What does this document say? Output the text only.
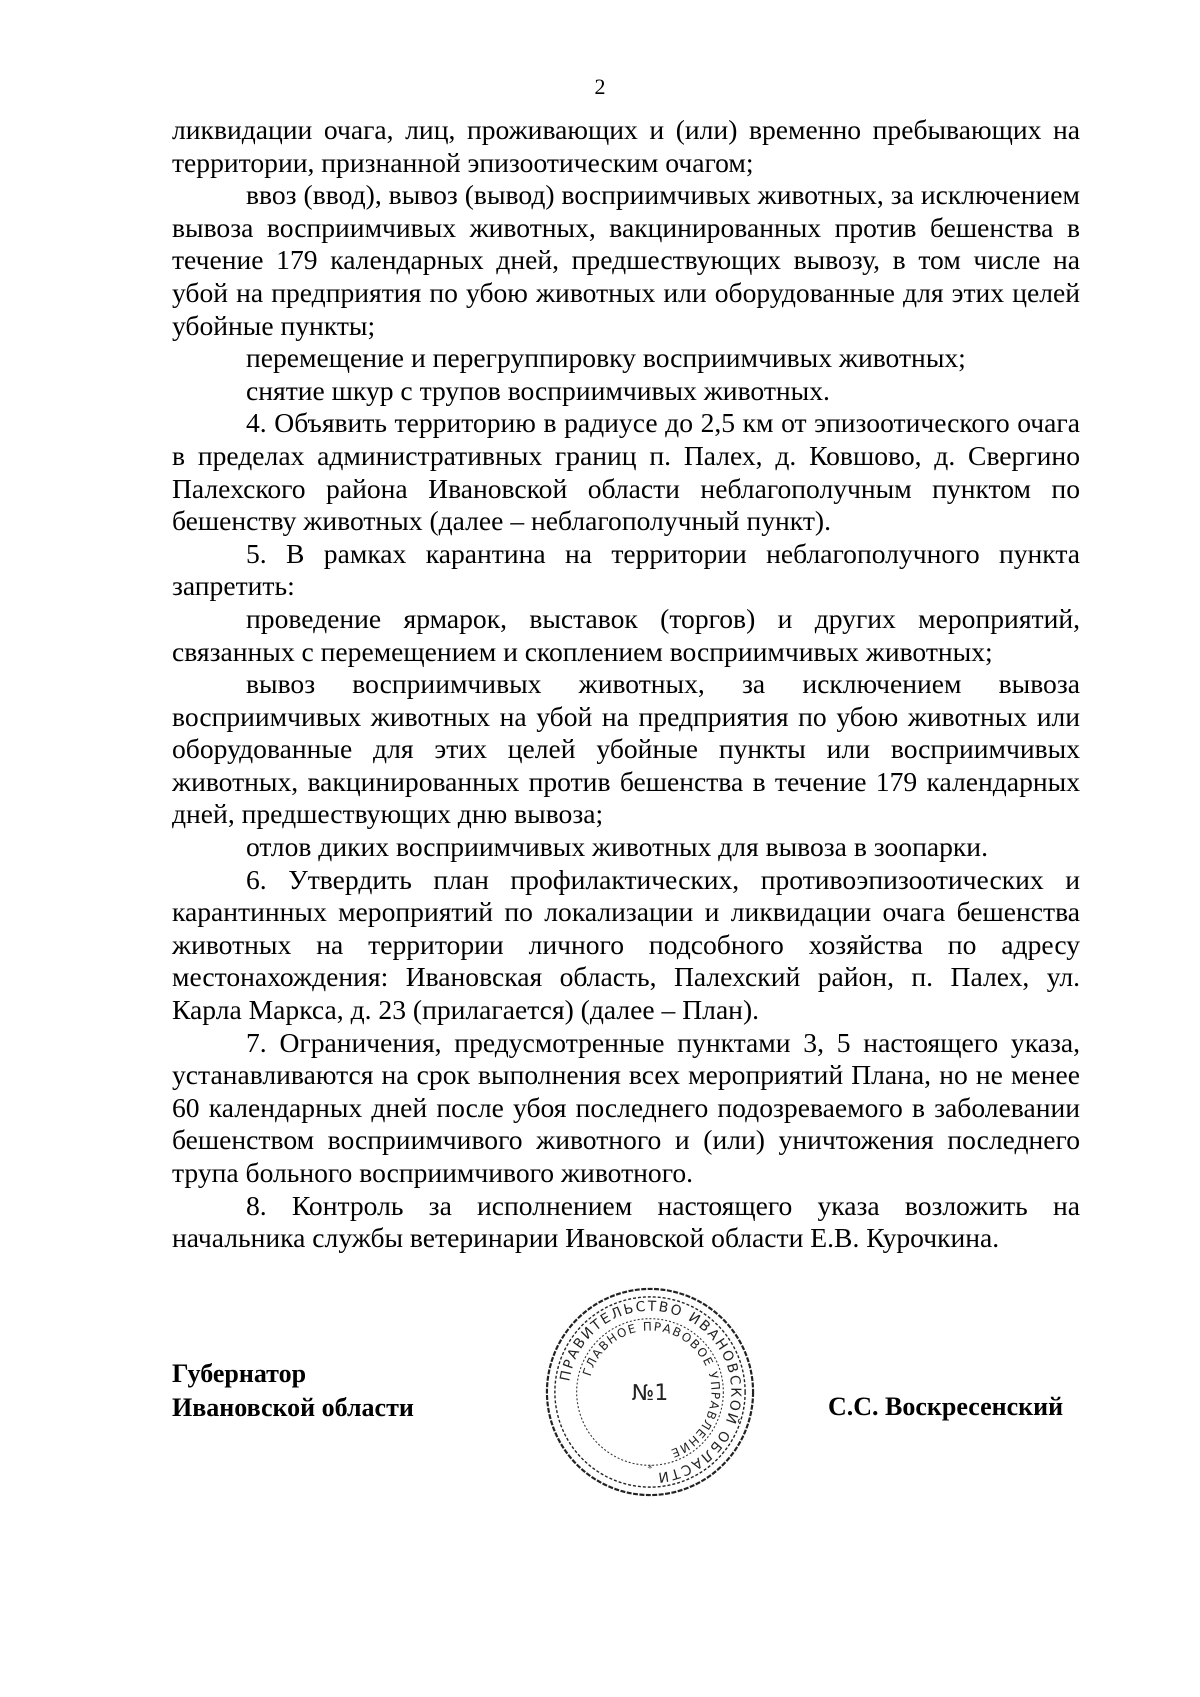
2

ликвидации очага, лиц, проживающих и (или) временно пребывающих на территории, признанной эпизоотическим очагом;

ввоз (ввод), вывоз (вывод) восприимчивых животных, за исключением вывоза восприимчивых животных, вакцинированных против бешенства в течение 179 календарных дней, предшествующих вывозу, в том числе на убой на предприятия по убою животных или оборудованные для этих целей убойные пункты;

перемещение и перегруппировку восприимчивых животных;

снятие шкур с трупов восприимчивых животных.

4. Объявить территорию в радиусе до 2,5 км от эпизоотического очага в пределах административных границ п. Палех, д. Ковшово, д. Свергино Палехского района Ивановской области неблагополучным пунктом по бешенству животных (далее – неблагополучный пункт).

5. В рамках карантина на территории неблагополучного пункта запретить:

проведение ярмарок, выставок (торгов) и других мероприятий, связанных с перемещением и скоплением восприимчивых животных;

вывоз восприимчивых животных, за исключением вывоза восприимчивых животных на убой на предприятия по убою животных или оборудованные для этих целей убойные пункты или восприимчивых животных, вакцинированных против бешенства в течение 179 календарных дней, предшествующих дню вывоза;

отлов диких восприимчивых животных для вывоза в зоопарки.

6. Утвердить план профилактических, противоэпизоотических и карантинных мероприятий по локализации и ликвидации очага бешенства животных на территории личного подсобного хозяйства по адресу местонахождения: Ивановская область, Палехский район, п. Палех, ул. Карла Маркса, д. 23 (прилагается) (далее – План).

7. Ограничения, предусмотренные пунктами 3, 5 настоящего указа, устанавливаются на срок выполнения всех мероприятий Плана, но не менее 60 календарных дней после убоя последнего подозреваемого в заболевании бешенством восприимчивого животного и (или) уничтожения последнего трупа больного восприимчивого животного.

8. Контроль за исполнением настоящего указа возложить на начальника службы ветеринарии Ивановской области Е.В. Курочкина.

Губернатор
Ивановской области
ПРАВИТЕЛЬСТВО ИВАНОВСКОЙ ОБЛАСТИ
ГЛАВНОЕ ПРАВОВОЕ УПРАВЛЕНИЕ
№1
*
С.С. Воскресенский
